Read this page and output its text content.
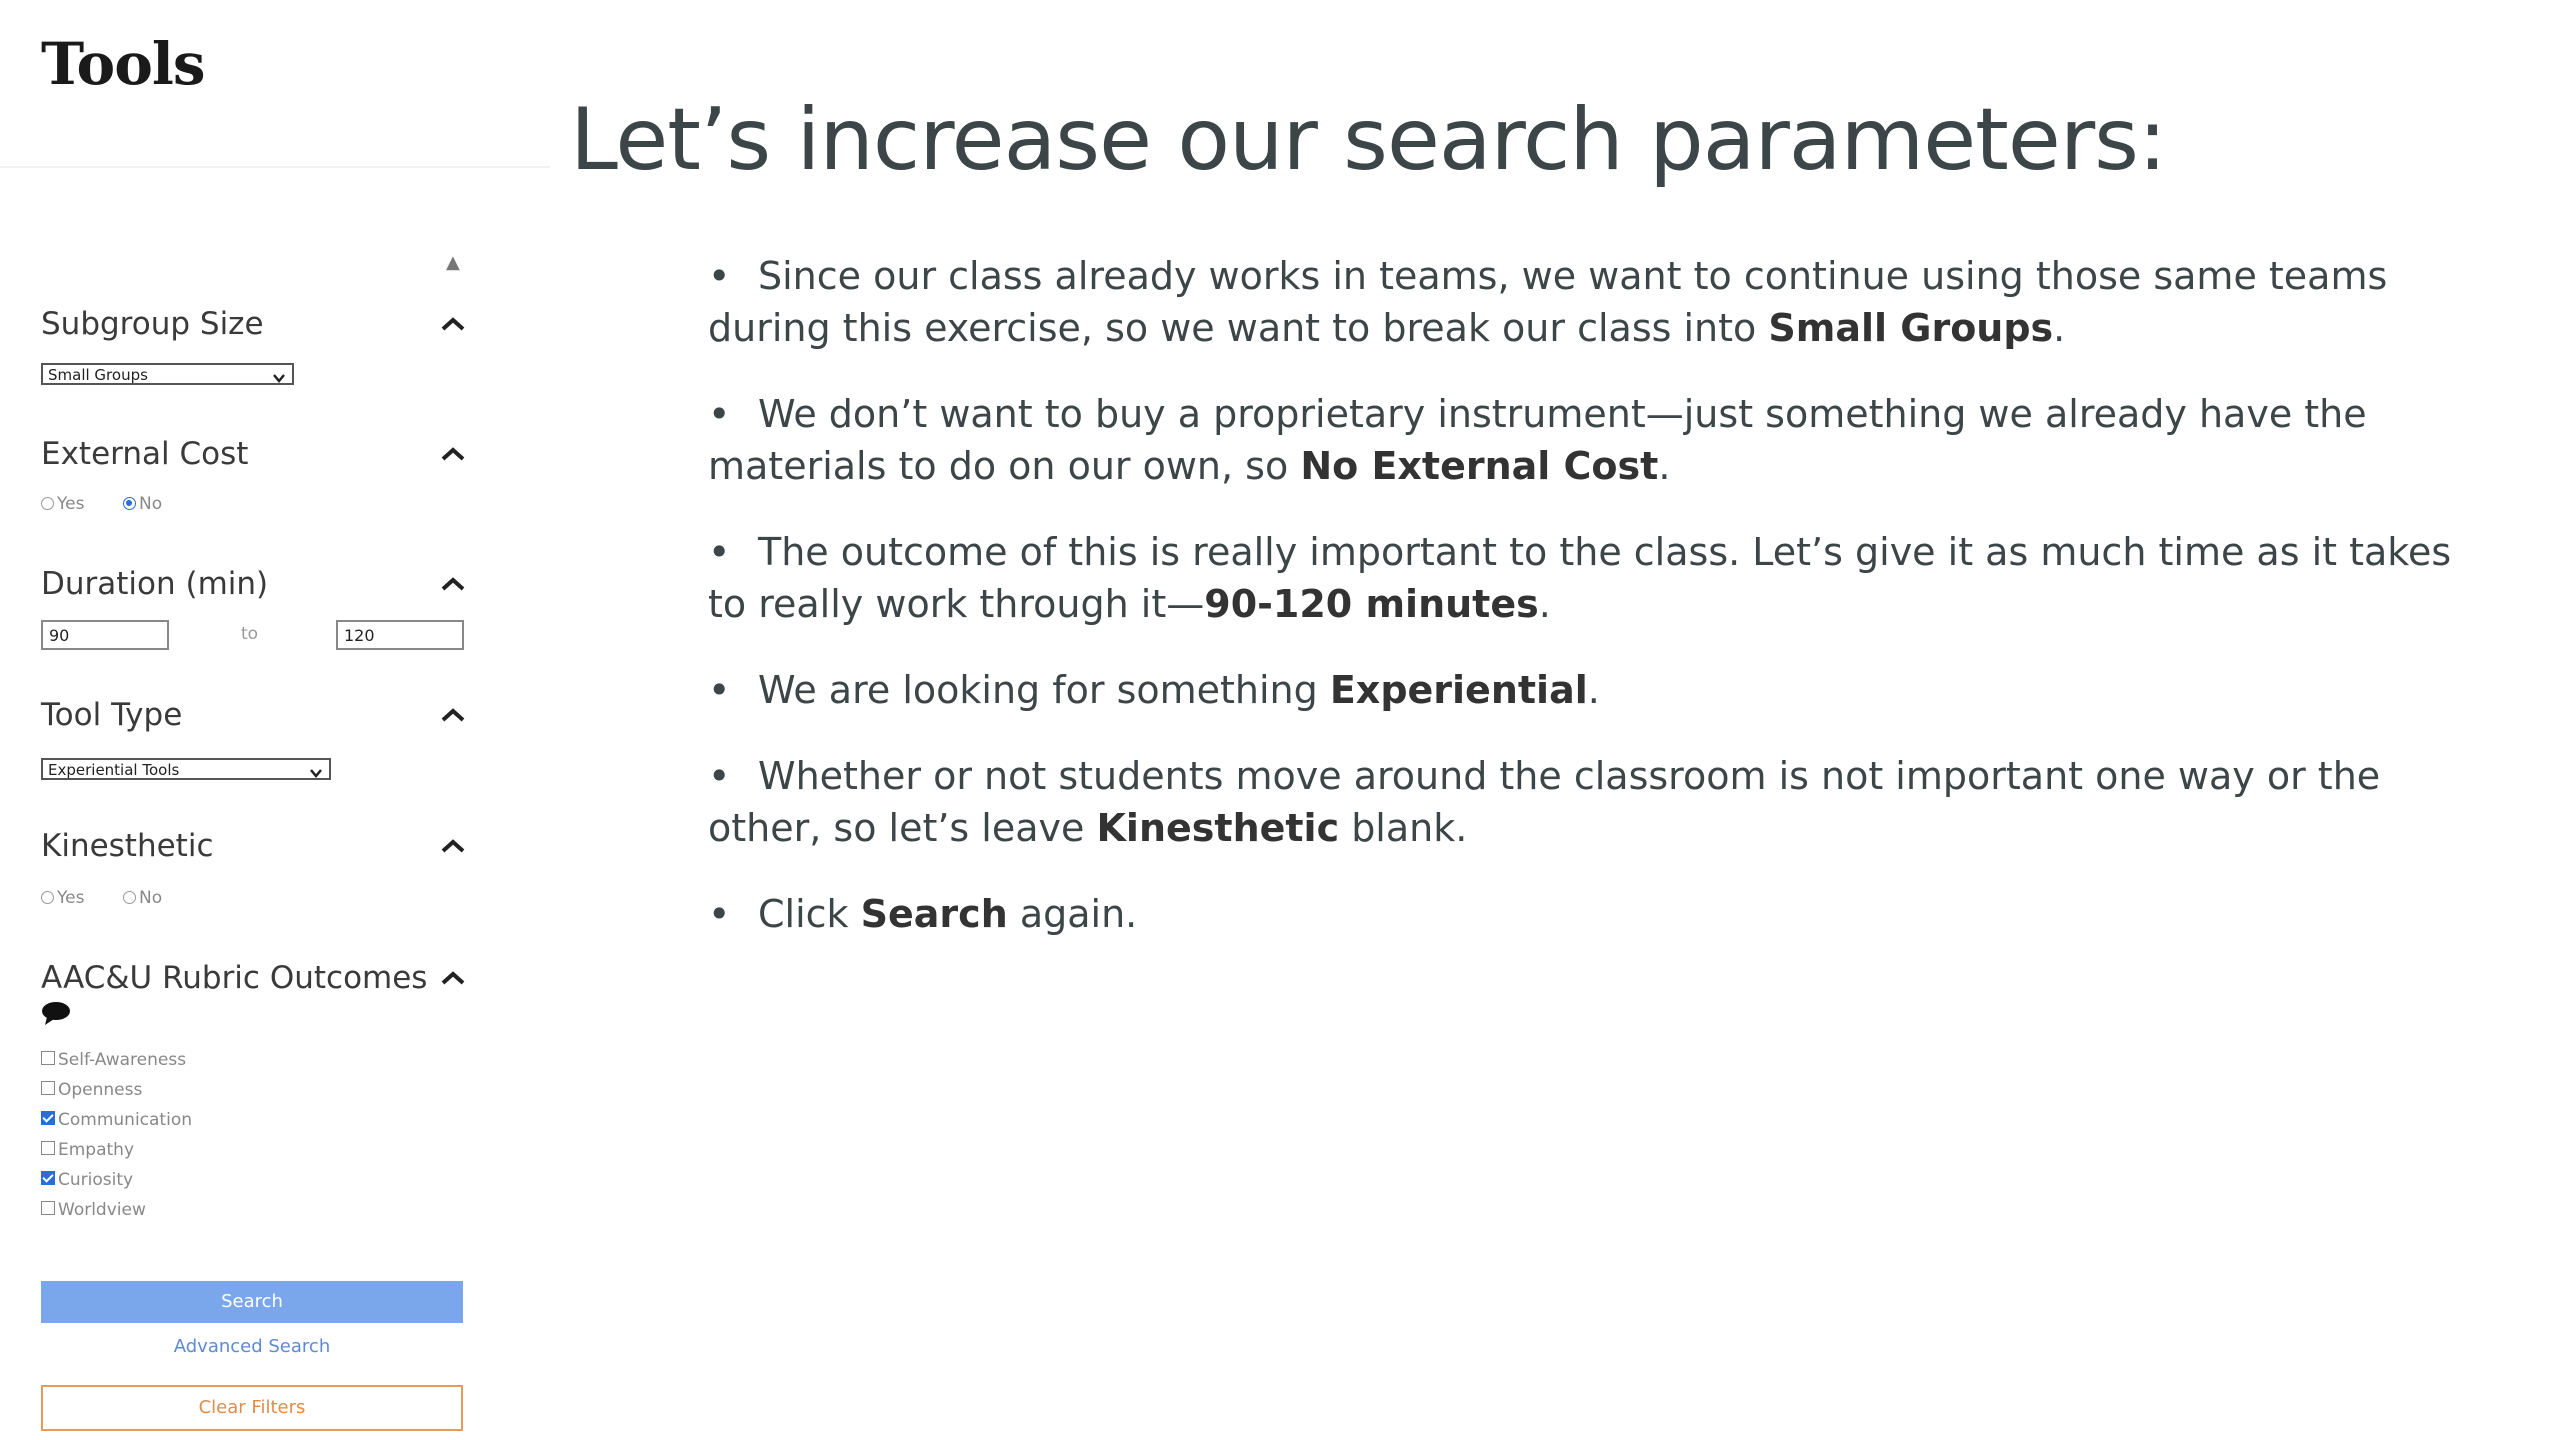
Tools
▲
Subgroup Size
Small Groups
External Cost
Yes	No
Duration (min)
90
to
120
Tool Type
Experiential Tools
Kinesthetic
Yes	No
AAC&U Rubric Outcomes
Self-Awareness
Openness
Communication
Empathy
Curiosity
Worldview
Search
Advanced Search
Clear Filters
Let’s increase our search parameters:
• Since our class already works in teams, we want to continue using those same teams during this exercise, so we want to break our class into Small Groups.
• We don’t want to buy a proprietary instrument—just something we already have the materials to do on our own, so No External Cost.
• The outcome of this is really important to the class. Let’s give it as much time as it takes to really work through it—90-120 minutes.
• We are looking for something Experiential.
• Whether or not students move around the classroom is not important one way or the other, so let’s leave Kinesthetic blank.
• Click Search again.
